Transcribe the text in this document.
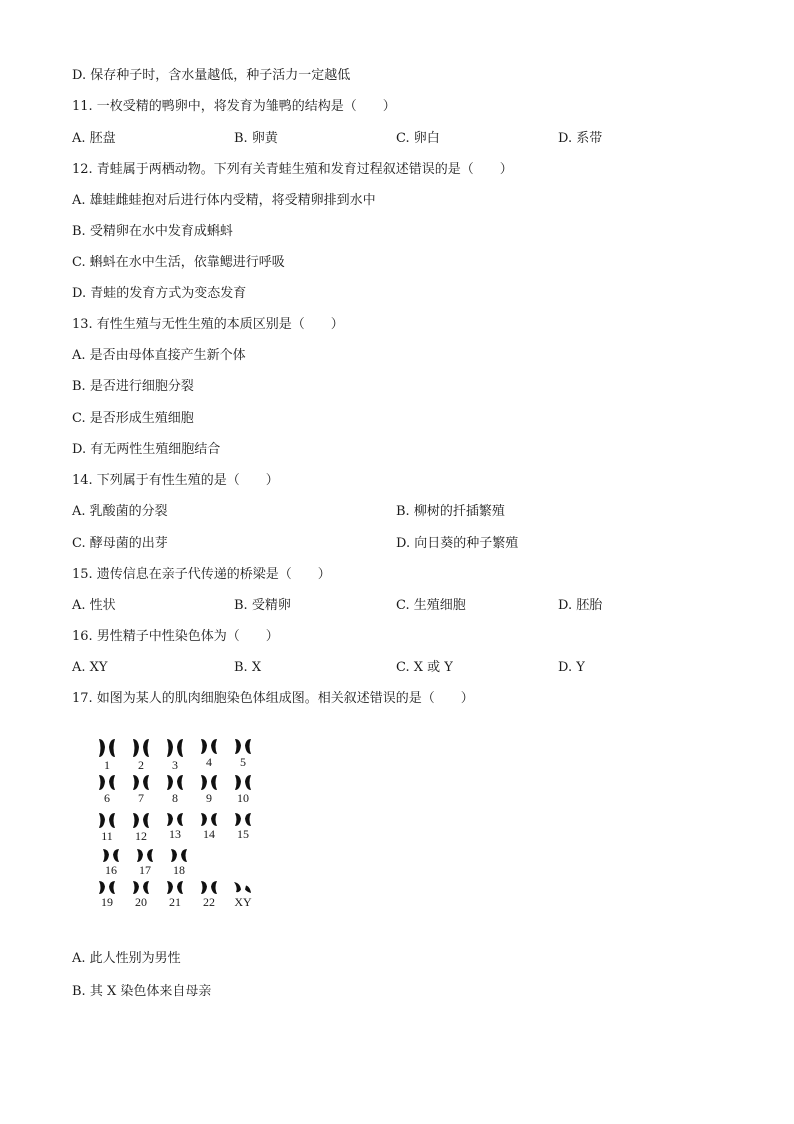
D. 保存种子时，含水量越低，种子活力一定越低
11. 一枚受精的鸭卵中，将发育为雏鸭的结构是（　　）
A. 胚盘	B. 卵黄	C. 卵白	D. 系带
12. 青蛙属于两栖动物。下列有关青蛙生殖和发育过程叙述错误的是（　　）
A. 雄蛙雌蛙抱对后进行体内受精，将受精卵排到水中
B. 受精卵在水中发育成蝌蚪
C. 蝌蚪在水中生活，依靠鳃进行呼吸
D. 青蛙的发育方式为变态发育
13. 有性生殖与无性生殖的本质区别是（　　）
A. 是否由母体直接产生新个体
B. 是否进行细胞分裂
C. 是否形成生殖细胞
D. 有无两性生殖细胞结合
14. 下列属于有性生殖的是（　　）
A. 乳酸菌的分裂	B. 柳树的扦插繁殖
C. 酵母菌的出芽	D. 向日葵的种子繁殖
15. 遗传信息在亲子代传递的桥梁是（　　）
A. 性状	B. 受精卵	C. 生殖细胞	D. 胚胎
16. 男性精子中性染色体为（　　）
A. XY	B. X	C. X 或 Y	D. Y
17. 如图为某人的肌肉细胞染色体组成图。相关叙述错误的是（　　）
1	2	3	4	5
6	7	8	9	10
11	12	13	14	15
16	17	18
19	20	21	22	XY
A. 此人性别为男性
B. 其 X 染色体来自母亲
